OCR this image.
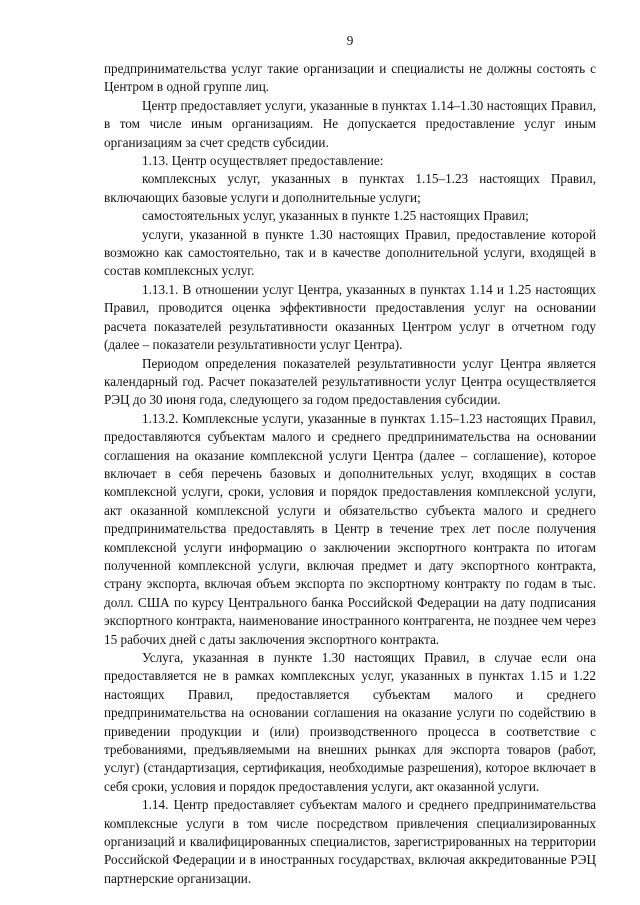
9

предпринимательства услуг такие организации и специалисты не должны состоять с Центром в одной группе лиц.

Центр предоставляет услуги, указанные в пунктах 1.14–1.30 настоящих Правил, в том числе иным организациям. Не допускается предоставление услуг иным организациям за счет средств субсидии.

1.13. Центр осуществляет предоставление:

комплексных услуг, указанных в пунктах 1.15–1.23 настоящих Правил, включающих базовые услуги и дополнительные услуги;

самостоятельных услуг, указанных в пункте 1.25 настоящих Правил;

услуги, указанной в пункте 1.30 настоящих Правил, предоставление которой возможно как самостоятельно, так и в качестве дополнительной услуги, входящей в состав комплексных услуг.

1.13.1. В отношении услуг Центра, указанных в пунктах 1.14 и 1.25 настоящих Правил, проводится оценка эффективности предоставления услуг на основании расчета показателей результативности оказанных Центром услуг в отчетном году (далее – показатели результативности услуг Центра).

Периодом определения показателей результативности услуг Центра является календарный год. Расчет показателей результативности услуг Центра осуществляется РЭЦ до 30 июня года, следующего за годом предоставления субсидии.

1.13.2. Комплексные услуги, указанные в пунктах 1.15–1.23 настоящих Правил, предоставляются субъектам малого и среднего предпринимательства на основании соглашения на оказание комплексной услуги Центра (далее – соглашение), которое включает в себя перечень базовых и дополнительных услуг, входящих в состав комплексной услуги, сроки, условия и порядок предоставления комплексной услуги, акт оказанной комплексной услуги и обязательство субъекта малого и среднего предпринимательства предоставлять в Центр в течение трех лет после получения комплексной услуги информацию о заключении экспортного контракта по итогам полученной комплексной услуги, включая предмет и дату экспортного контракта, страну экспорта, включая объем экспорта по экспортному контракту по годам в тыс. долл. США по курсу Центрального банка Российской Федерации на дату подписания экспортного контракта, наименование иностранного контрагента, не позднее чем через 15 рабочих дней с даты заключения экспортного контракта.

Услуга, указанная в пункте 1.30 настоящих Правил, в случае если она предоставляется не в рамках комплексных услуг, указанных в пунктах 1.15 и 1.22 настоящих Правил, предоставляется субъектам малого и среднего предпринимательства на основании соглашения на оказание услуги по содействию в приведении продукции и (или) производственного процесса в соответствие с требованиями, предъявляемыми на внешних рынках для экспорта товаров (работ, услуг) (стандартизация, сертификация, необходимые разрешения), которое включает в себя сроки, условия и порядок предоставления услуги, акт оказанной услуги.

1.14. Центр предоставляет субъектам малого и среднего предпринимательства комплексные услуги в том числе посредством привлечения специализированных организаций и квалифицированных специалистов, зарегистрированных на территории Российской Федерации и в иностранных государствах, включая аккредитованные РЭЦ партнерские организации.
